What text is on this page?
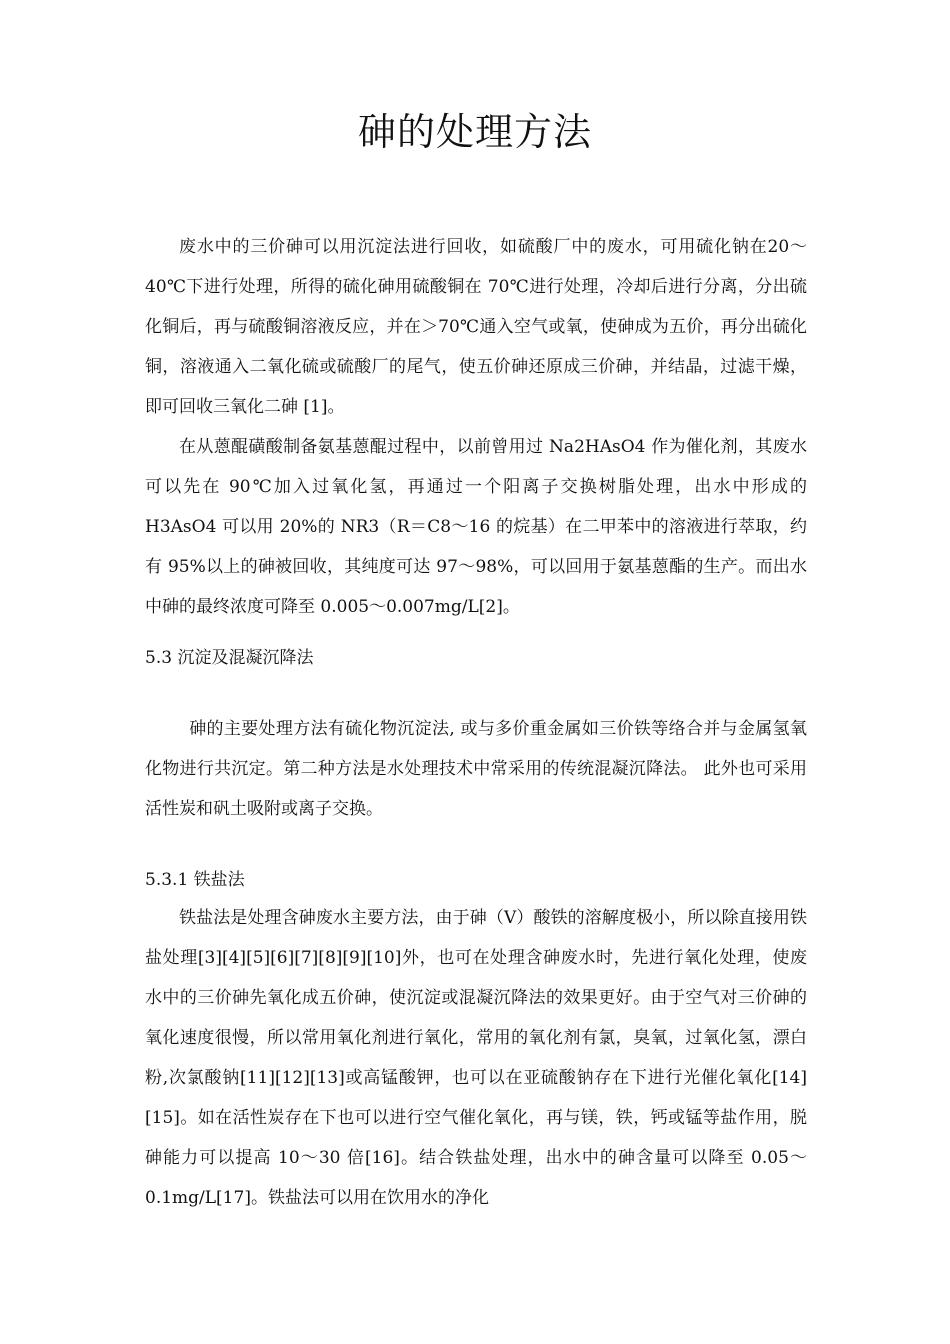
砷的处理方法

废水中的三价砷可以用沉淀法进行回收，如硫酸厂中的废水，可用硫化钠在20～40℃下进行处理，所得的硫化砷用硫酸铜在 70℃进行处理，冷却后进行分离，分出硫化铜后，再与硫酸铜溶液反应，并在＞70℃通入空气或氧，使砷成为五价，再分出硫化铜，溶液通入二氧化硫或硫酸厂的尾气，使五价砷还原成三价砷，并结晶，过滤干燥，即可回收三氧化二砷 [1]。

在从蒽醌磺酸制备氨基蒽醌过程中，以前曾用过 Na2HAsO4 作为催化剂，其废水可以先在 90℃加入过氧化氢，再通过一个阳离子交换树脂处理，出水中形成的 H3AsO4 可以用 20%的 NR3（R＝C8～16 的烷基）在二甲苯中的溶液进行萃取，约有 95%以上的砷被回收，其纯度可达 97～98%，可以回用于氨基蒽酯的生产。而出水中砷的最终浓度可降至 0.005～0.007mg/L[2]。

5.3 沉淀及混凝沉降法

砷的主要处理方法有硫化物沉淀法, 或与多价重金属如三价铁等络合并与金属氢氧化物进行共沉定。第二种方法是水处理技术中常采用的传统混凝沉降法。 此外也可采用活性炭和矾土吸附或离子交换。

5.3.1 铁盐法

铁盐法是处理含砷废水主要方法，由于砷（V）酸铁的溶解度极小，所以除直接用铁盐处理[3][4][5][6][7][8][9][10]外，也可在处理含砷废水时，先进行氧化处理，使废水中的三价砷先氧化成五价砷，使沉淀或混凝沉降法的效果更好。由于空气对三价砷的氧化速度很慢，所以常用氧化剂进行氧化，常用的氧化剂有氯，臭氧，过氧化氢，漂白粉,次氯酸钠[11][12][13]或高锰酸钾，也可以在亚硫酸钠存在下进行光催化氧化[14][15]。如在活性炭存在下也可以进行空气催化氧化，再与镁，铁，钙或锰等盐作用，脱砷能力可以提高 10～30 倍[16]。结合铁盐处理，出水中的砷含量可以降至 0.05～0.1mg/L[17]。铁盐法可以用在饮用水的净化
